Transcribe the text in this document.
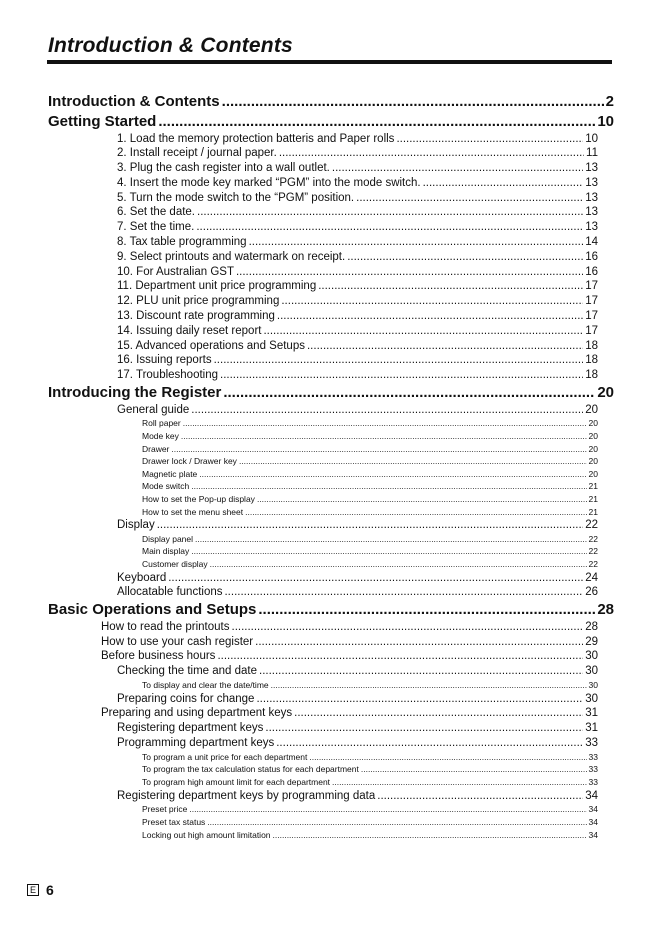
Introduction & Contents
Introduction & Contents .....	2
Getting Started .....	10
1. Load the memory protection batteris and Paper rolls .....	10
2. Install receipt / journal paper. .....	11
3. Plug the cash register into a wall outlet. .....	13
4. Insert the mode key marked “PGM” into the mode switch. .....	13
5. Turn the mode switch to the “PGM” position. .....	13
6. Set the date. .....	13
7. Set the time. .....	13
8. Tax table programming .....	14
9. Select printouts and watermark on receipt. .....	16
10. For Australian GST .....	16
11. Department unit price programming .....	17
12. PLU unit price programming .....	17
13. Discount rate programming .....	17
14. Issuing daily reset report .....	17
15. Advanced operations and Setups .....	18
16. Issuing reports .....	18
17. Troubleshooting .....	18
Introducing the Register .....	20
General guide .....	20
Roll paper .....	20
Mode key .....	20
Drawer .....	20
Drawer lock / Drawer key .....	20
Magnetic plate .....	20
Mode switch .....	21
How to set the Pop-up display .....	21
How to set the menu sheet .....	21
Display .....	22
Display panel .....	22
Main display .....	22
Customer display .....	22
Keyboard .....	24
Allocatable functions .....	26
Basic Operations and Setups .....	28
How to read the printouts .....	28
How to use your cash register .....	29
Before business hours .....	30
Checking the time and date .....	30
To display and clear the date/time .....	30
Preparing coins for change .....	30
Preparing and using department keys .....	31
Registering department keys .....	31
Programming department keys .....	33
To program a unit price for each department .....	33
To program the tax calculation status for each department .....	33
To program high amount limit for each department .....	33
Registering department keys by programming data .....	34
Preset price .....	34
Preset tax status .....	34
Locking out high amount limitation .....	34
E 6
